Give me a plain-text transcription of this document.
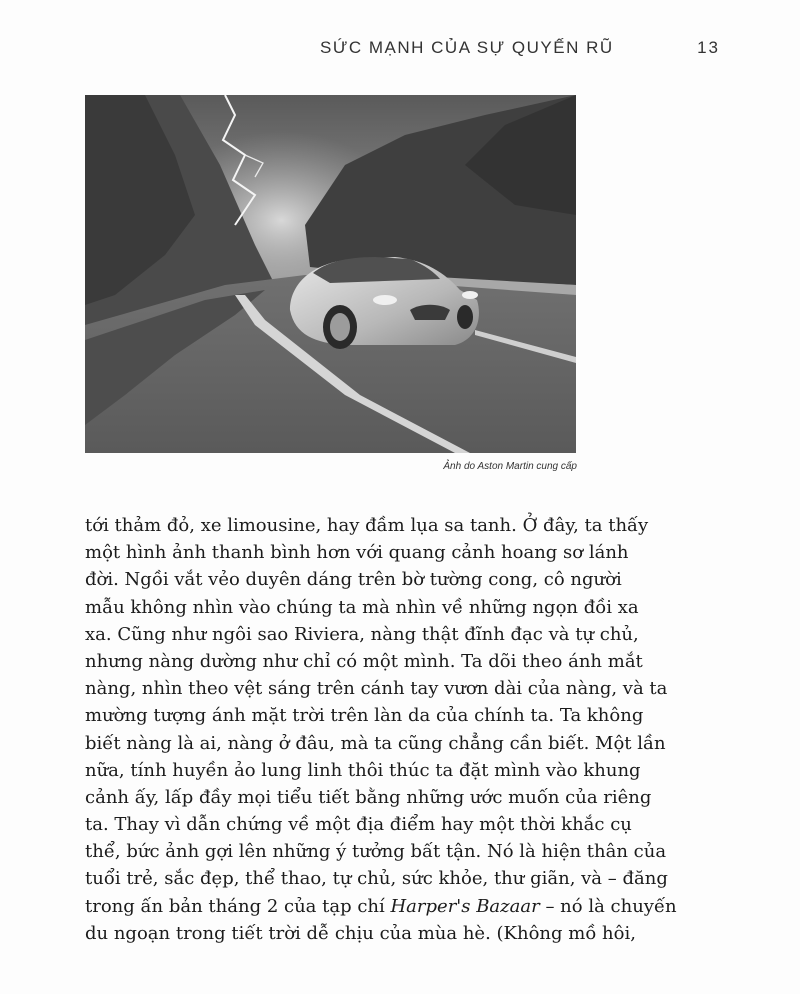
SỨC MẠNH CỦA SỰ QUYẾN RŨ	13
Ảnh do Aston Martin cung cấp
tới thảm đỏ, xe limousine, hay đầm lụa sa tanh. Ở đây, ta thấy
một hình ảnh thanh bình hơn với quang cảnh hoang sơ lánh
đời. Ngồi vắt vẻo duyên dáng trên bờ tường cong, cô người
mẫu không nhìn vào chúng ta mà nhìn về những ngọn đồi xa
xa. Cũng như ngôi sao Riviera, nàng thật đĩnh đạc và tự chủ,
nhưng nàng dường như chỉ có một mình. Ta dõi theo ánh mắt
nàng, nhìn theo vệt sáng trên cánh tay vươn dài của nàng, và ta
mường tượng ánh mặt trời trên làn da của chính ta. Ta không
biết nàng là ai, nàng ở đâu, mà ta cũng chẳng cần biết. Một lần
nữa, tính huyền ảo lung linh thôi thúc ta đặt mình vào khung
cảnh ấy, lấp đầy mọi tiểu tiết bằng những ước muốn của riêng
ta. Thay vì dẫn chứng về một địa điểm hay một thời khắc cụ
thể, bức ảnh gợi lên những ý tưởng bất tận. Nó là hiện thân của
tuổi trẻ, sắc đẹp, thể thao, tự chủ, sức khỏe, thư giãn, và – đăng
trong ấn bản tháng 2 của tạp chí Harper's Bazaar – nó là chuyến
du ngoạn trong tiết trời dễ chịu của mùa hè. (Không mồ hôi,
